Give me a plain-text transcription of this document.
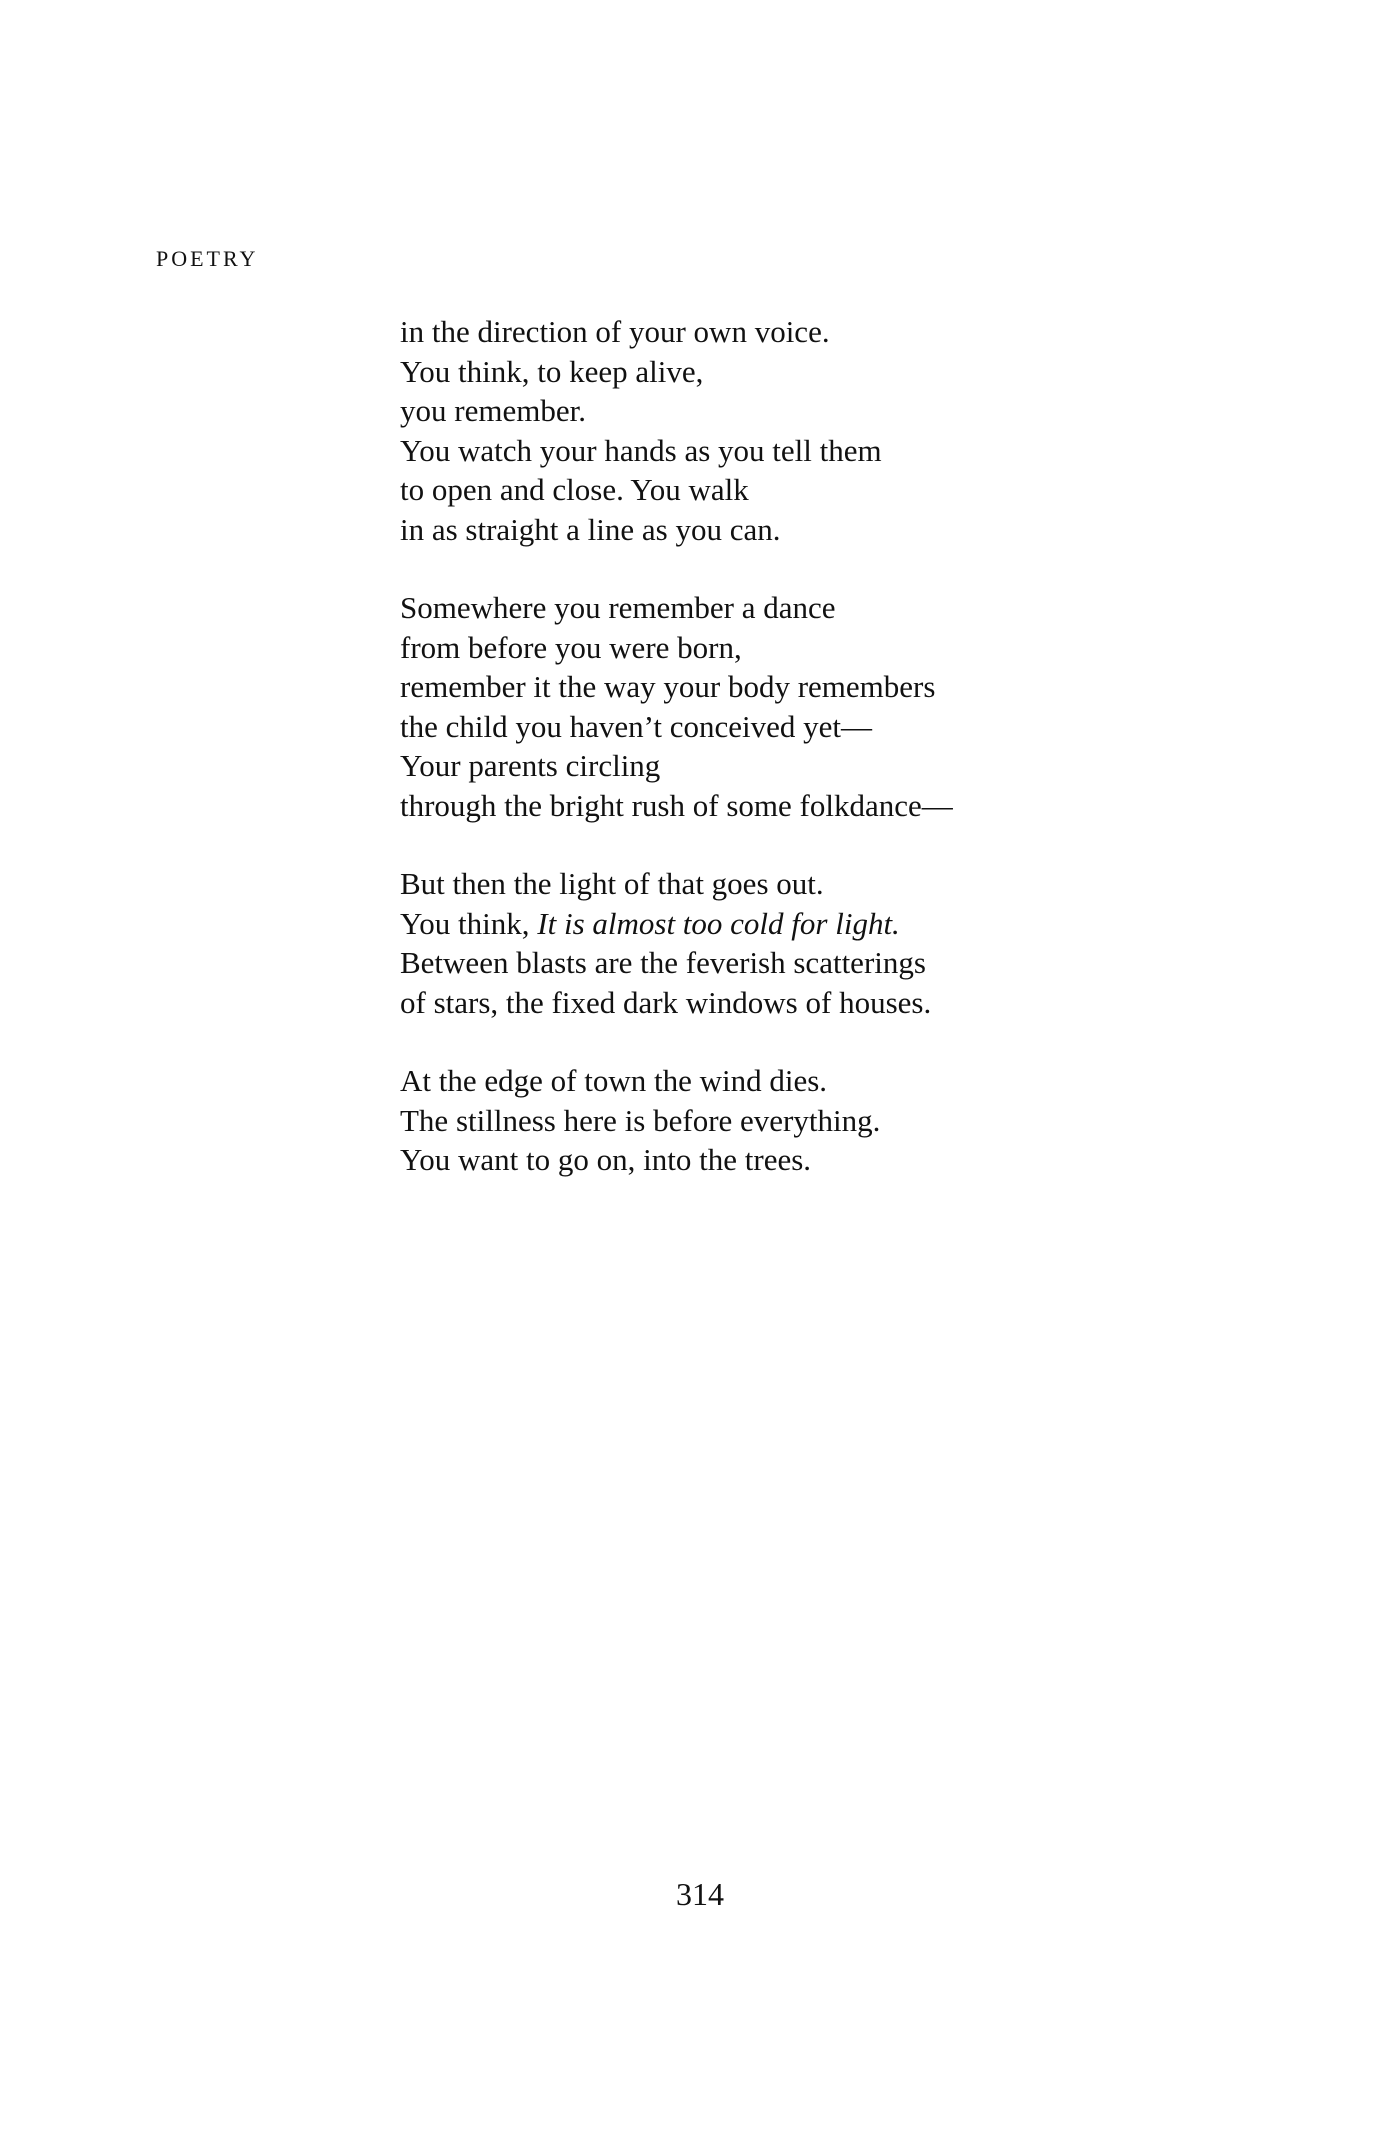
POETRY
in the direction of your own voice.
You think, to keep alive,
you remember.
You watch your hands as you tell them
to open and close. You walk
in as straight a line as you can.
Somewhere you remember a dance
from before you were born,
remember it the way your body remembers
the child you haven’t conceived yet—
Your parents circling
through the bright rush of some folkdance—
But then the light of that goes out.
You think, It is almost too cold for light.
Between blasts are the feverish scatterings
of stars, the fixed dark windows of houses.
At the edge of town the wind dies.
The stillness here is before everything.
You want to go on, into the trees.
314
